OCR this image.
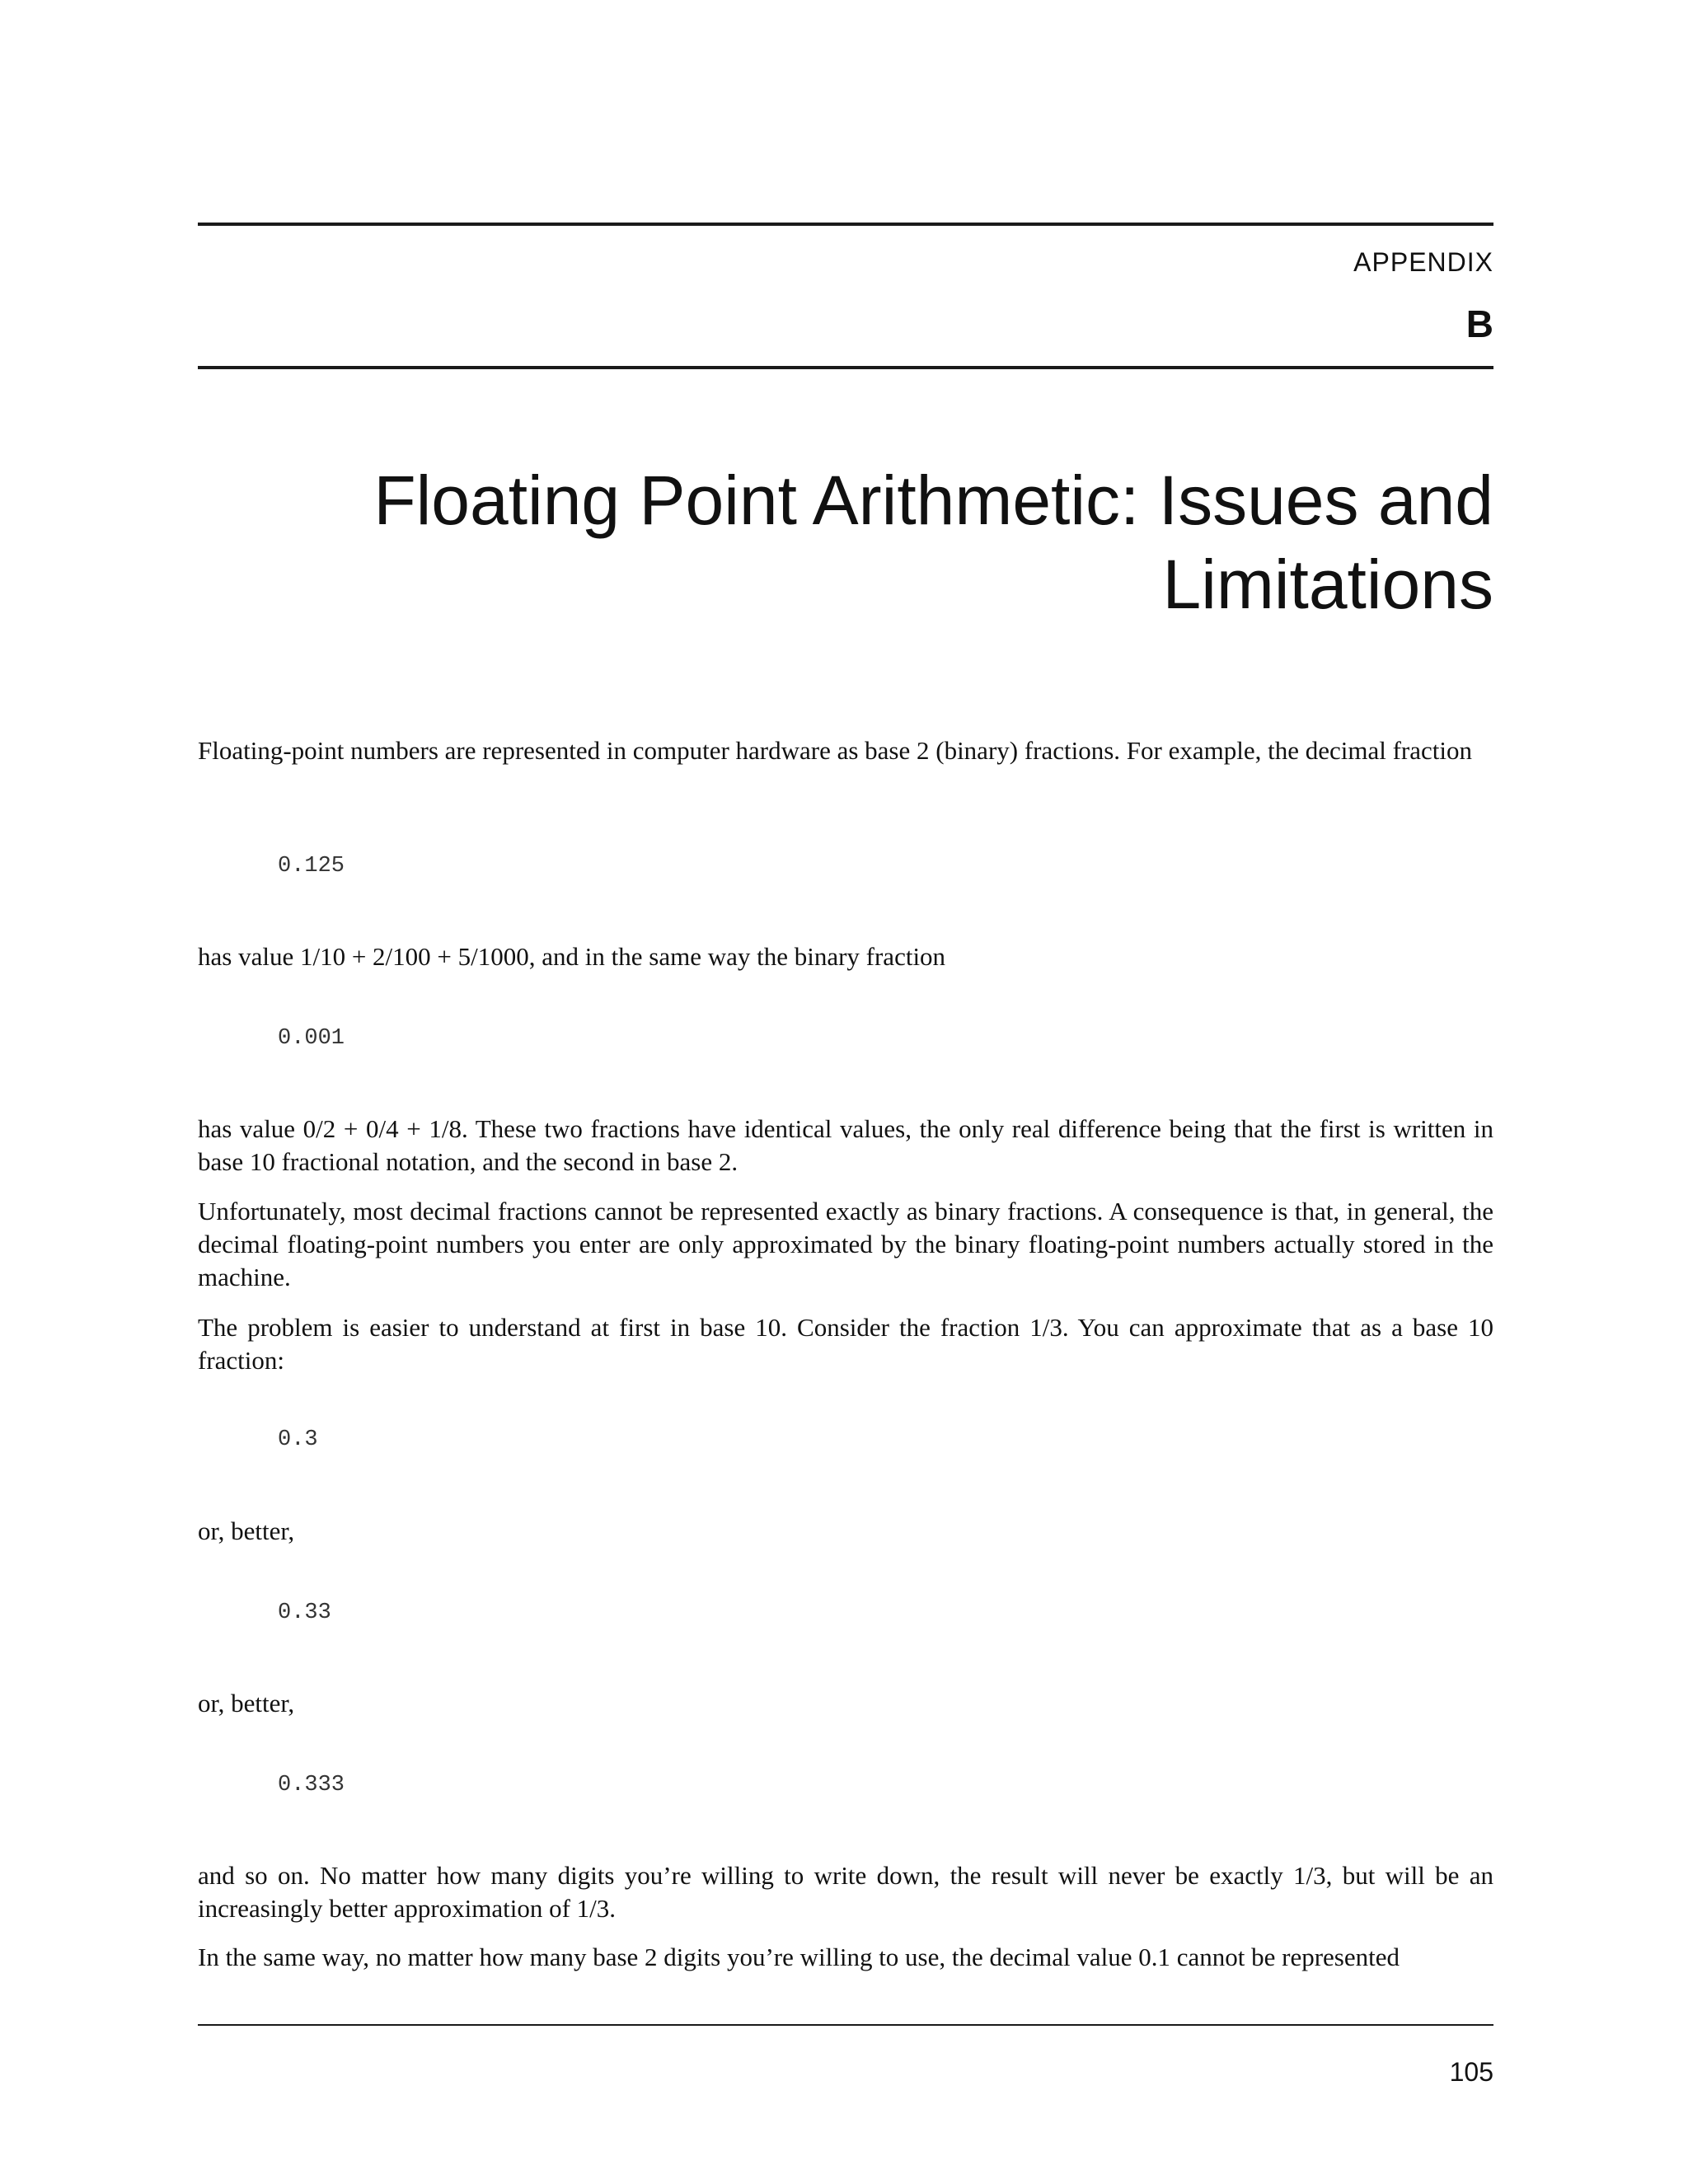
APPENDIX
B
Floating Point Arithmetic: Issues and
Limitations

Floating-point numbers are represented in computer hardware as base 2 (binary) fractions. For example, the decimal fraction

0.125

has value 1/10 + 2/100 + 5/1000, and in the same way the binary fraction

0.001

has value 0/2 + 0/4 + 1/8. These two fractions have identical values, the only real difference being that the first is written in base 10 fractional notation, and the second in base 2.

Unfortunately, most decimal fractions cannot be represented exactly as binary fractions. A consequence is that, in general, the decimal floating-point numbers you enter are only approximated by the binary floating-point numbers actually stored in the machine.

The problem is easier to understand at first in base 10. Consider the fraction 1/3. You can approximate that as a base 10 fraction:

0.3

or, better,

0.33

or, better,

0.333

and so on. No matter how many digits you’re willing to write down, the result will never be exactly 1/3, but will be an increasingly better approximation of 1/3.

In the same way, no matter how many base 2 digits you’re willing to use, the decimal value 0.1 cannot be represented

105
